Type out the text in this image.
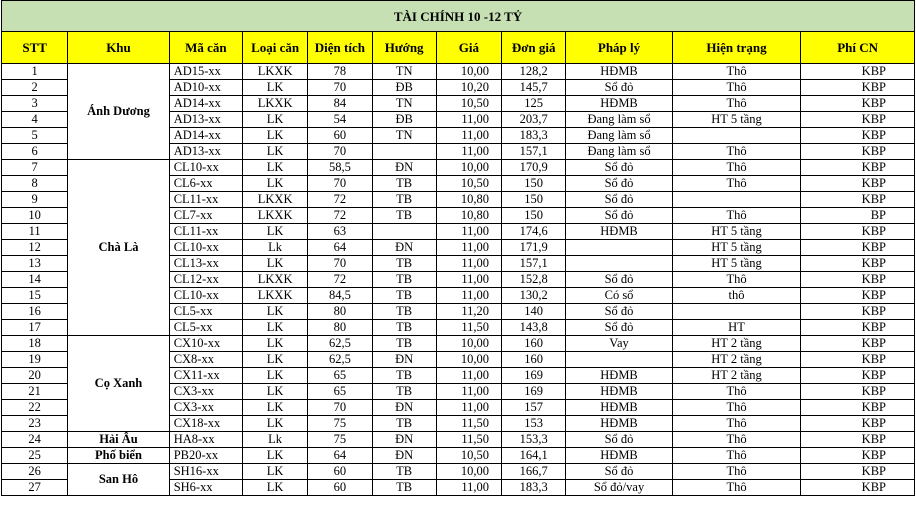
TÀI CHÍNH 10 -12 TỶ										
STT	Khu	Mã căn	Loại căn	Diện tích	Hướng	Giá	Đơn giá	Pháp lý	Hiện trạng	Phí CN
1	Ánh Dương	AD15-xx	LKXK	78	TN	10,00	128,2	HĐMB	Thô	KBP
2		AD10-xx	LK	70	ĐB	10,20	145,7	Sổ đỏ	Thô	KBP
3		AD14-xx	LKXK	84	TN	10,50	125	HĐMB	Thô	KBP
4		AD13-xx	LK	54	ĐB	11,00	203,7	Đang làm sổ	HT 5 tầng	KBP
5		AD14-xx	LK	60	TN	11,00	183,3	Đang làm sổ		KBP
6		AD13-xx	LK	70		11,00	157,1	Đang làm sổ	Thô	KBP
7	Chà Là	CL10-xx	LK	58,5	ĐN	10,00	170,9	Sổ đỏ	Thô	KBP
8		CL6-xx	LK	70	TB	10,50	150	Sổ đỏ	Thô	KBP
9		CL11-xx	LKXK	72	TB	10,80	150	Sổ đỏ		KBP
10		CL7-xx	LKXK	72	TB	10,80	150	Sổ đỏ	Thô	BP
11		CL11-xx	LK	63		11,00	174,6	HĐMB	HT 5 tầng	KBP
12		CL10-xx	Lk	64	ĐN	11,00	171,9		HT 5 tầng	KBP
13		CL13-xx	LK	70	TB	11,00	157,1		HT 5 tầng	KBP
14		CL12-xx	LKXK	72	TB	11,00	152,8	Sổ đỏ	Thô	KBP
15		CL10-xx	LKXK	84,5	TB	11,00	130,2	Có sổ	thô	KBP
16		CL5-xx	LK	80	TB	11,20	140	Sổ đỏ		KBP
17		CL5-xx	LK	80	TB	11,50	143,8	Sổ đỏ	HT	KBP
18	Cọ Xanh	CX10-xx	LK	62,5	TB	10,00	160	Vay	HT 2 tầng	KBP
19		CX8-xx	LK	62,5	ĐN	10,00	160		HT 2 tầng	KBP
20		CX11-xx	LK	65	TB	11,00	169	HĐMB	HT 2 tầng	KBP
21		CX3-xx	LK	65	TB	11,00	169	HĐMB	Thô	KBP
22		CX3-xx	LK	70	ĐN	11,00	157	HĐMB	Thô	KBP
23		CX18-xx	LK	75	TB	11,50	153	HĐMB	Thô	KBP
24	Hải Âu	HA8-xx	Lk	75	ĐN	11,50	153,3	Sổ đỏ	Thô	KBP
25	Phố biển	PB20-xx	LK	64	ĐN	10,50	164,1	HĐMB	Thô	KBP
26	San Hô	SH16-xx	LK	60	TB	10,00	166,7	Sổ đỏ	Thô	KBP
27		SH6-xx	LK	60	TB	11,00	183,3	Sổ đỏ/vay	Thô	KBP
